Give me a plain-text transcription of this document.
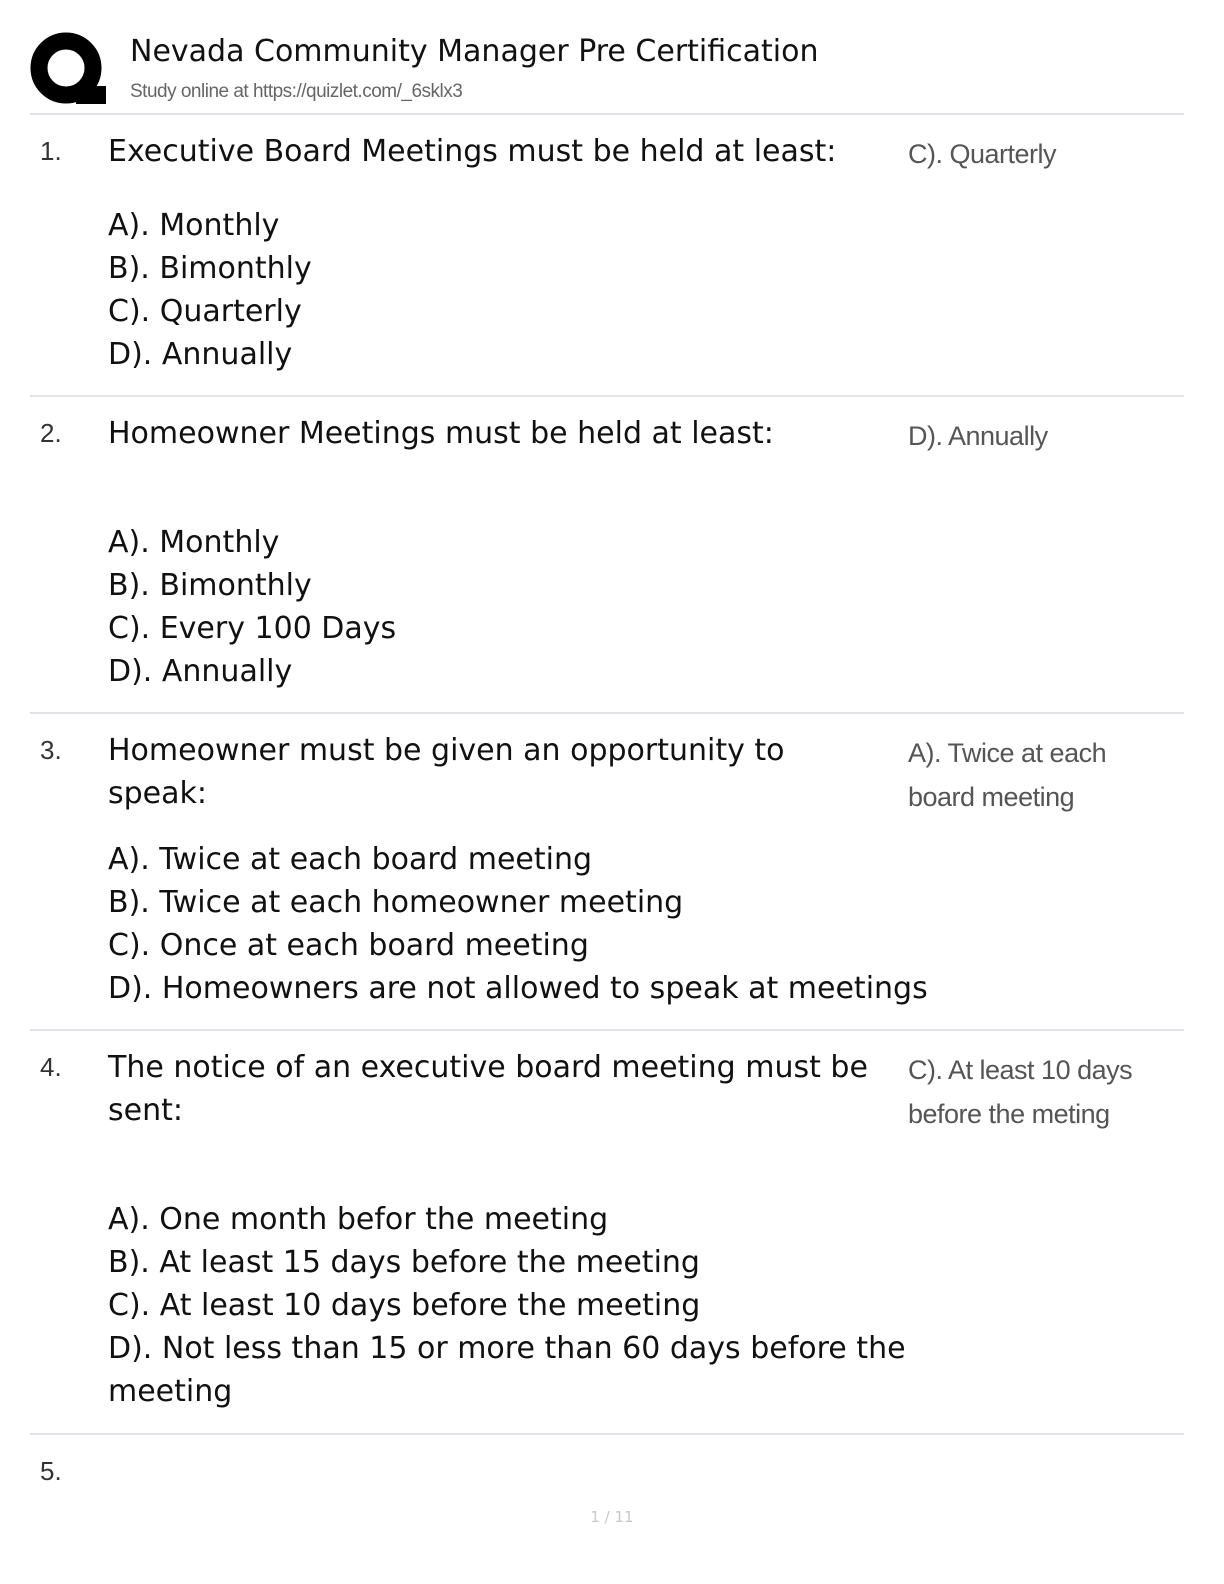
Nevada Community Manager Pre Certification
Study online at https://quizlet.com/_6sklx3
1. Executive Board Meetings must be held at least:
A). Monthly
B). Bimonthly
C). Quarterly
D). Annually
C). Quarterly
2. Homeowner Meetings must be held at least:
A). Monthly
B). Bimonthly
C). Every 100 Days
D). Annually
D). Annually
3. Homeowner must be given an opportunity to speak:
A). Twice at each board meeting
B). Twice at each homeowner meeting
C). Once at each board meeting
D). Homeowners are not allowed to speak at meetings
A). Twice at each board meeting
4. The notice of an executive board meeting must be sent:
A). One month befor the meeting
B). At least 15 days before the meeting
C). At least 10 days before the meeting
D). Not less than 15 or more than 60 days before the meeting
C). At least 10 days before the meting
5.
1 / 11
